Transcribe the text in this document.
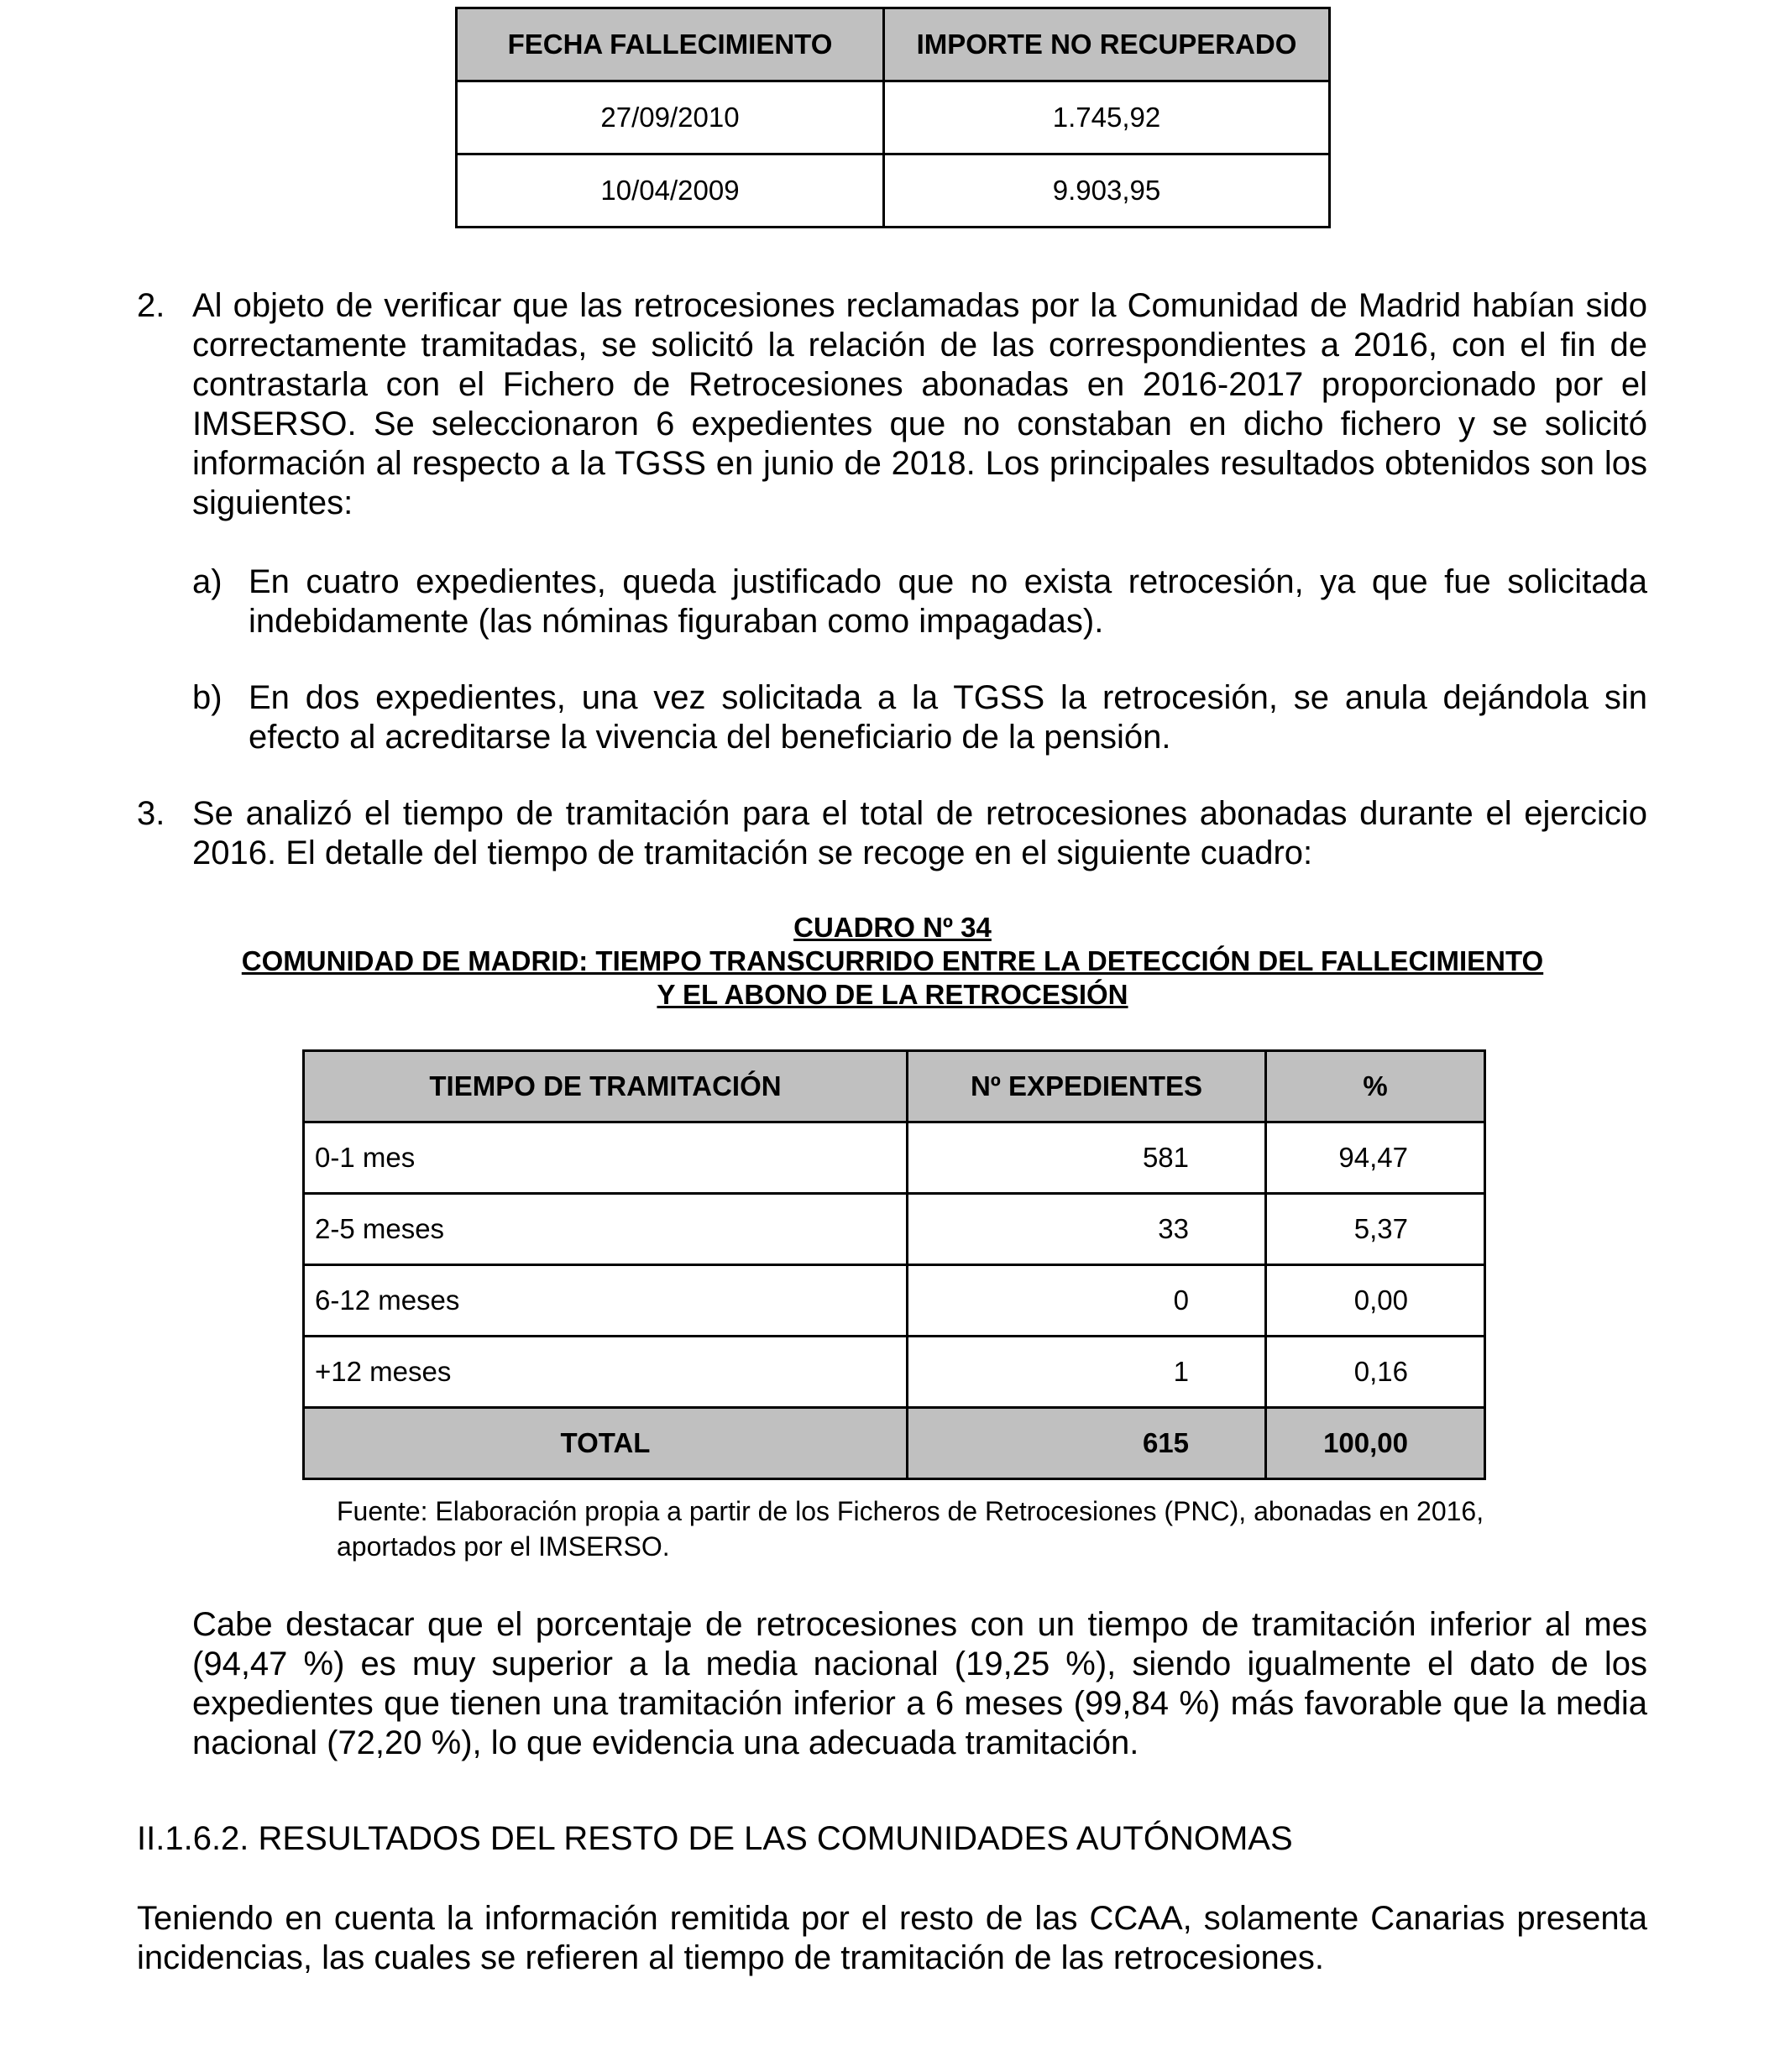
FECHA FALLECIMIENTO	IMPORTE NO RECUPERADO
27/09/2010	1.745,92
10/04/2009	9.903,95
2. Al objeto de verificar que las retrocesiones reclamadas por la Comunidad de Madrid habían sido correctamente tramitadas, se solicitó la relación de las correspondientes a 2016, con el fin de contrastarla con el Fichero de Retrocesiones abonadas en 2016-2017 proporcionado por el IMSERSO. Se seleccionaron 6 expedientes que no constaban en dicho fichero y se solicitó información al respecto a la TGSS en junio de 2018. Los principales resultados obtenidos son los siguientes:
a) En cuatro expedientes, queda justificado que no exista retrocesión, ya que fue solicitada indebidamente (las nóminas figuraban como impagadas).
b) En dos expedientes, una vez solicitada a la TGSS la retrocesión, se anula dejándola sin efecto al acreditarse la vivencia del beneficiario de la pensión.
3. Se analizó el tiempo de tramitación para el total de retrocesiones abonadas durante el ejercicio 2016. El detalle del tiempo de tramitación se recoge en el siguiente cuadro:
CUADRO Nº 34
COMUNIDAD DE MADRID: TIEMPO TRANSCURRIDO ENTRE LA DETECCIÓN DEL FALLECIMIENTO
Y EL ABONO DE LA RETROCESIÓN
TIEMPO DE TRAMITACIÓN	Nº EXPEDIENTES	%
0-1 mes	581	94,47
2-5 meses	33	5,37
6-12 meses	0	0,00
+12 meses	1	0,16
TOTAL	615	100,00
Fuente: Elaboración propia a partir de los Ficheros de Retrocesiones (PNC), abonadas en 2016, aportados por el IMSERSO.
Cabe destacar que el porcentaje de retrocesiones con un tiempo de tramitación inferior al mes (94,47 %) es muy superior a la media nacional (19,25 %), siendo igualmente el dato de los expedientes que tienen una tramitación inferior a 6 meses (99,84 %) más favorable que la media nacional (72,20 %), lo que evidencia una adecuada tramitación.
II.1.6.2. RESULTADOS DEL RESTO DE LAS COMUNIDADES AUTÓNOMAS
Teniendo en cuenta la información remitida por el resto de las CCAA, solamente Canarias presenta incidencias, las cuales se refieren al tiempo de tramitación de las retrocesiones.
